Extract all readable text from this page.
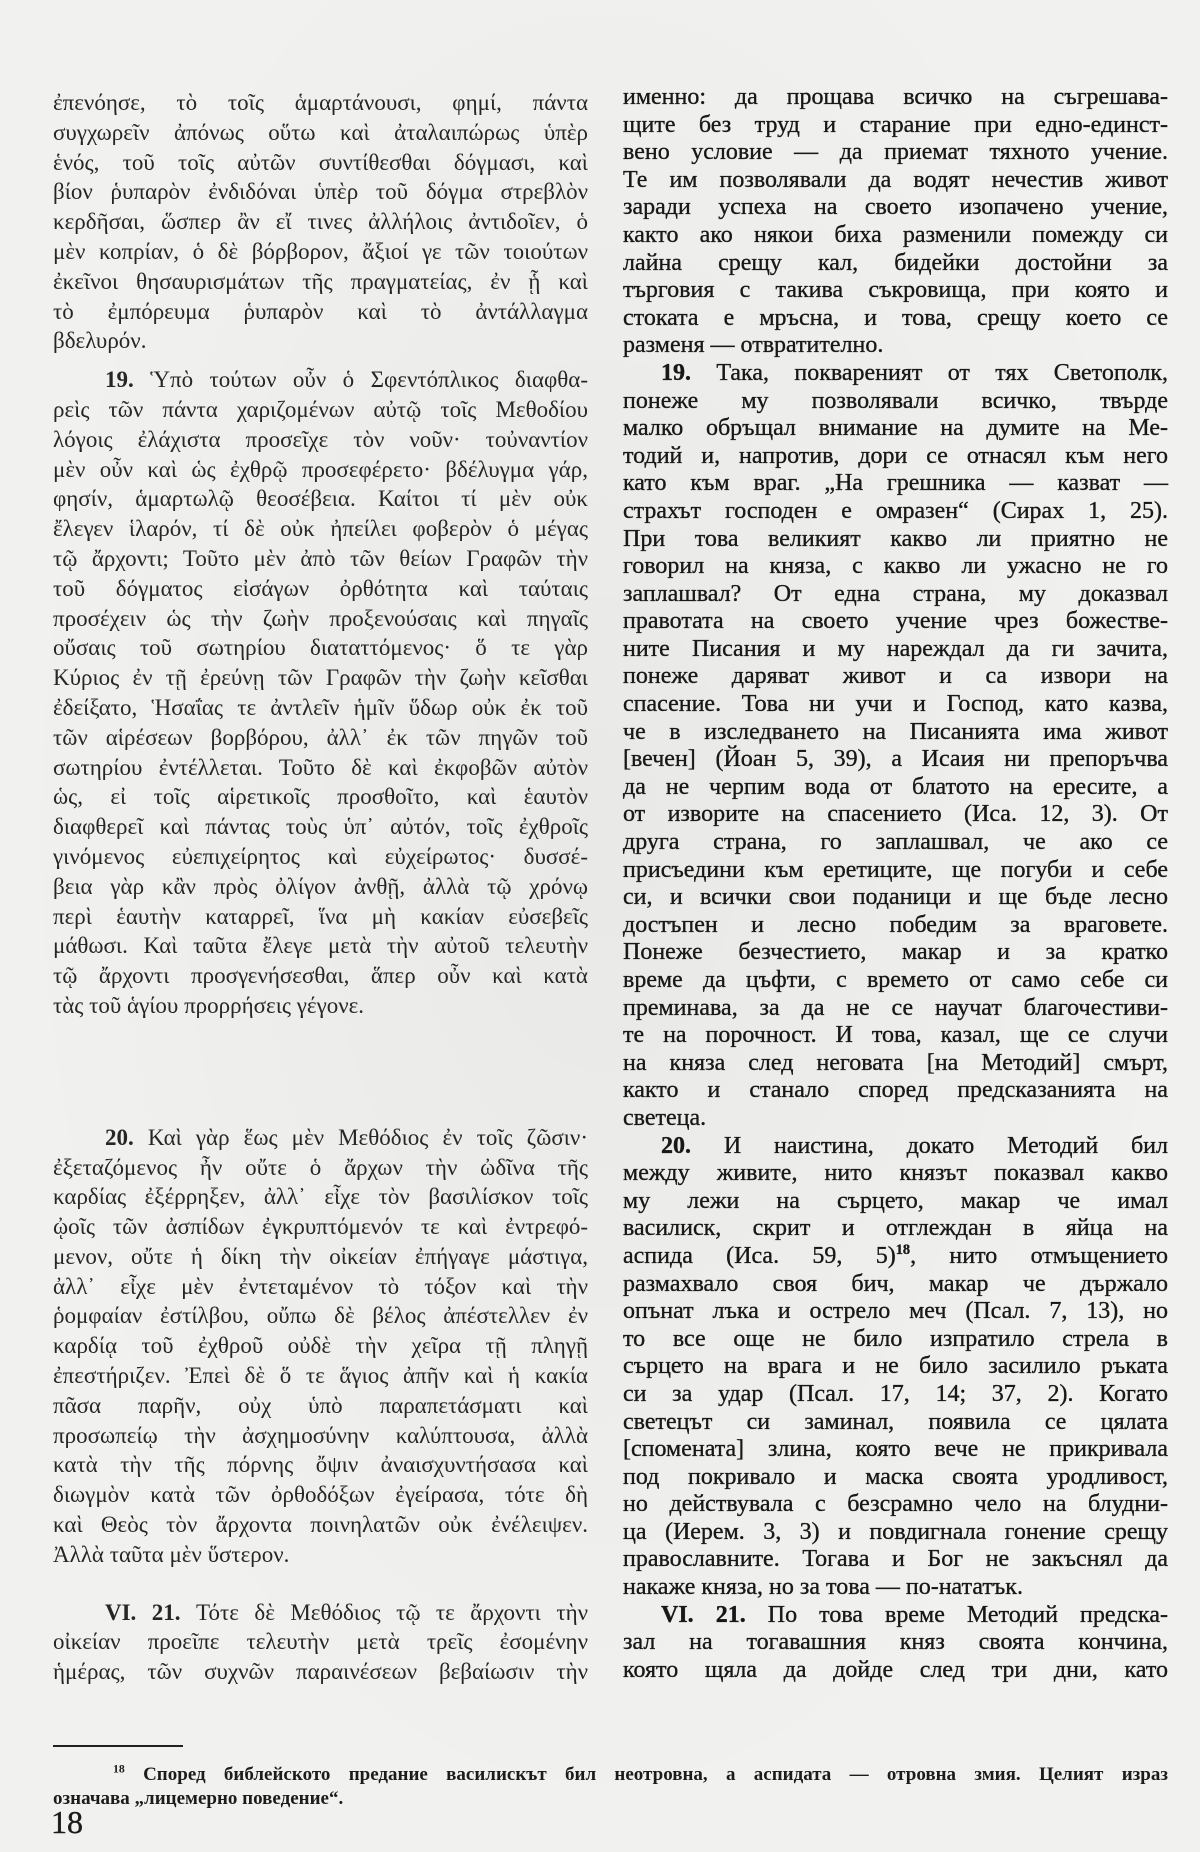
ἐπενόησε, τὸ τοῖς ἁμαρτάνουσι, φημί, πάντα
συγχωρεῖν ἀπόνως οὕτω καὶ ἀταλαιπώρως ὑπὲρ
ἑνός, τοῦ τοῖς αὐτῶν συντίθεσθαι δόγμασι, καὶ
βίον ῥυπαρὸν ἐνδιδόναι ὑπὲρ τοῦ δόγμα στρεβλὸν
κερδῆσαι, ὥσπερ ἂν εἴ τινες ἀλλήλοις ἀντιδοῖεν, ὁ
μὲν κοπρίαν, ὁ δὲ βόρβορον, ἄξιοί γε τῶν τοιούτων
ἐκεῖνοι θησαυρισμάτων τῆς πραγματείας, ἐν ᾗ καὶ
τὸ ἐμπόρευμα ῥυπαρὸν καὶ τὸ ἀντάλλαγμα
βδελυρόν.
19. Ὑπὸ τούτων οὖν ὁ Σφεντόπλικος διαφθα-
ρεὶς τῶν πάντα χαριζομένων αὐτῷ τοῖς Μεθοδίου
λόγοις ἐλάχιστα προσεῖχε τὸν νοῦν· τοὐναντίον
μὲν οὖν καὶ ὡς ἐχθρῷ προσεφέρετο· βδέλυγμα γάρ,
φησίν, ἁμαρτωλῷ θεοσέβεια. Καίτοι τί μὲν οὐκ
ἔλεγεν ἱλαρόν, τί δὲ οὐκ ἠπείλει φοβερὸν ὁ μέγας
τῷ ἄρχοντι; Τοῦτο μὲν ἀπὸ τῶν θείων Γραφῶν τὴν
τοῦ δόγματος εἰσάγων ὀρθότητα καὶ ταύταις
προσέχειν ὡς τὴν ζωὴν προξενούσαις καὶ πηγαῖς
οὔσαις τοῦ σωτηρίου διαταττόμενος· ὅ τε γὰρ
Κύριος ἐν τῇ ἐρεύνῃ τῶν Γραφῶν τὴν ζωὴν κεῖσθαι
ἐδείξατο, Ἡσαΐας τε ἀντλεῖν ἡμῖν ὕδωρ οὐκ ἐκ τοῦ
τῶν αἱρέσεων βορβόρου, ἀλλ᾽ ἐκ τῶν πηγῶν τοῦ
σωτηρίου ἐντέλλεται. Τοῦτο δὲ καὶ ἐκφοβῶν αὐτὸν
ὡς, εἰ τοῖς αἱρετικοῖς προσθοῖτο, καὶ ἑαυτὸν
διαφθερεῖ καὶ πάντας τοὺς ὑπ᾽ αὐτόν, τοῖς ἐχθροῖς
γινόμενος εὐεπιχείρητος καὶ εὐχείρωτος· δυσσέ-
βεια γὰρ κἂν πρὸς ὀλίγον ἀνθῇ, ἀλλὰ τῷ χρόνῳ
περὶ ἑαυτὴν καταρρεῖ, ἵνα μὴ κακίαν εὐσεβεῖς
μάθωσι. Καὶ ταῦτα ἔλεγε μετὰ τὴν αὐτοῦ τελευτὴν
τῷ ἄρχοντι προσγενήσεσθαι, ἅπερ οὖν καὶ κατὰ
τὰς τοῦ ἁγίου προρρήσεις γέγονε.
20. Καὶ γὰρ ἕως μὲν Μεθόδιος ἐν τοῖς ζῶσιν·
ἐξεταζόμενος ἦν οὔτε ὁ ἄρχων τὴν ὠδῖνα τῆς
καρδίας ἐξέρρηξεν, ἀλλ᾽ εἶχε τὸν βασιλίσκον τοῖς
ᾠοῖς τῶν ἀσπίδων ἐγκρυπτόμενόν τε καὶ ἐντρεφό-
μενον, οὔτε ἡ δίκη τὴν οἰκείαν ἐπήγαγε μάστιγα,
ἀλλ᾽ εἶχε μὲν ἐντεταμένον τὸ τόξον καὶ τὴν
ῥομφαίαν ἐστίλβου, οὔπω δὲ βέλος ἀπέστελλεν ἐν
καρδίᾳ τοῦ ἐχθροῦ οὐδὲ τὴν χεῖρα τῇ πληγῇ
ἐπεστήριζεν. Ἐπεὶ δὲ ὅ τε ἅγιος ἀπῆν καὶ ἡ κακία
πᾶσα παρῆν, οὐχ ὑπὸ παραπετάσματι καὶ
προσωπείῳ τὴν ἀσχημοσύνην καλύπτουσα, ἀλλὰ
κατὰ τὴν τῆς πόρνης ὄψιν ἀναισχυντήσασα καὶ
διωγμὸν κατὰ τῶν ὀρθοδόξων ἐγείρασα, τότε δὴ
καὶ Θεὸς τὸν ἄρχοντα ποινηλατῶν οὐκ ἐνέλειψεν.
Ἀλλὰ ταῦτα μὲν ὕστερον.
VI. 21. Τότε δὲ Μεθόδιος τῷ τε ἄρχοντι τὴν
οἰκείαν προεῖπε τελευτὴν μετὰ τρεῖς ἐσομένην
ἡμέρας, τῶν συχνῶν παραινέσεων βεβαίωσιν τὴν
именно: да прощава всичко на съгрешава-
щите без труд и старание при едно-единст-
вено условие — да приемат тяхното учение.
Те им позволявали да водят нечестив живот
заради успеха на своето изопачено учение,
както ако някои биха разменили помежду си
лайна срещу кал, бидейки достойни за
търговия с такива съкровища, при която и
стоката е мръсна, и това, срещу което се
разменя — отвратително.
19. Така, поквареният от тях Светополк,
понеже му позволявали всичко, твърде
малко обръщал внимание на думите на Ме-
тодий и, напротив, дори се отнасял към него
като към враг. „На грешника — казват —
страхът господен е омразен“ (Сирах 1, 25).
При това великият какво ли приятно не
говорил на княза, с какво ли ужасно не го
заплашвал? От една страна, му доказвал
правотата на своето учение чрез божестве-
ните Писания и му нареждал да ги зачита,
понеже даряват живот и са извори на
спасение. Това ни учи и Господ, като казва,
че в изследването на Писанията има живот
[вечен] (Йоан 5, 39), а Исаия ни препоръчва
да не черпим вода от блатото на ересите, а
от изворите на спасението (Иса. 12, 3). От
друга страна, го заплашвал, че ако се
присъедини към еретиците, ще погуби и себе
си, и всички свои поданици и ще бъде лесно
достъпен и лесно победим за враговете.
Понеже безчестието, макар и за кратко
време да цъфти, с времето от само себе си
преминава, за да не се научат благочестиви-
те на порочност. И това, казал, ще се случи
на княза след неговата [на Методий] смърт,
както и станало според предсказанията на
светеца.
20. И наистина, докато Методий бил
между живите, нито князът показвал какво
му лежи на сърцето, макар че имал
василиск, скрит и отглеждан в яйца на
аспида (Иса. 59, 5)$^{18}$, нито отмъщението
размахвало своя бич, макар че държало
опънат лъка и острело меч (Псал. 7, 13), но
то все още не било изпратило стрела в
сърцето на врага и не било засилило ръката
си за удар (Псал. 17, 14; 37, 2). Когато
светецът си заминал, появила се цялата
[спомената] злина, която вече не прикривала
под покривало и маска своята уродливост,
но действувала с безсрамно чело на блудни-
ца (Иерем. 3, 3) и повдигнала гонение срещу
православните. Тогава и Бог не закъснял да
накаже княза, но за това — по-нататък.
VI. 21. По това време Методий предска-
зал на тогавашния княз своята кончина,
която щяла да дойде след три дни, като
$^{18}$ Според библейското предание василискът бил неотровна, а аспидата — отровна змия. Целият израз
означава „лицемерно поведение“.
18
